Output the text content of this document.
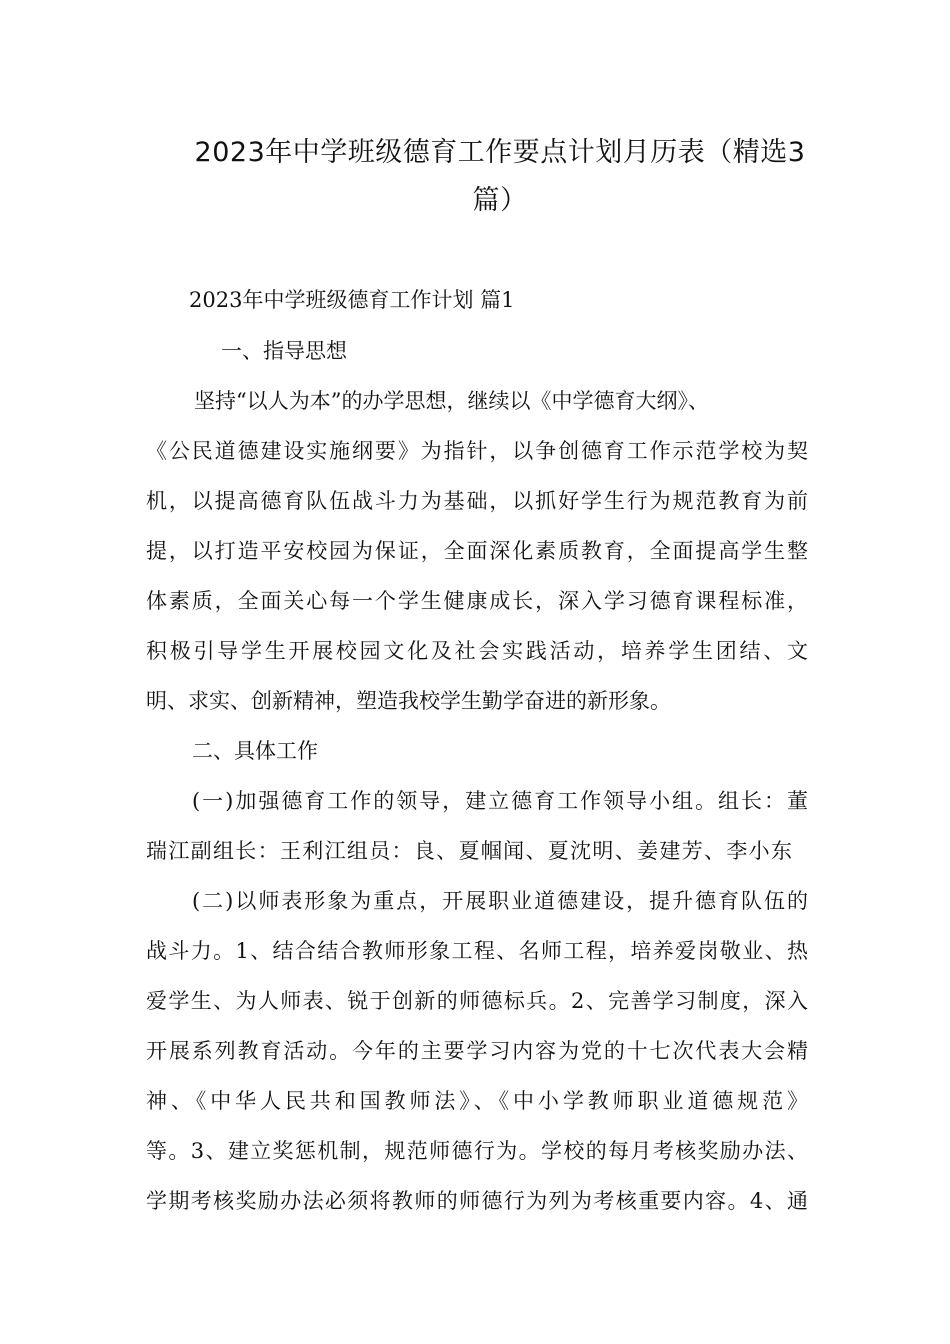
2023年中学班级德育工作要点计划月历表（精选3
篇）
2023年中学班级德育工作计划 篇1
一、指导思想
坚持“以人为本”的办学思想，继续以《中学德育大纲》、
《公民道德建设实施纲要》为指针，以争创德育工作示范学校为契
机，以提高德育队伍战斗力为基础，以抓好学生行为规范教育为前
提，以打造平安校园为保证，全面深化素质教育，全面提高学生整
体素质，全面关心每一个学生健康成长，深入学习德育课程标准，
积极引导学生开展校园文化及社会实践活动，培养学生团结、文
明、求实、创新精神，塑造我校学生勤学奋进的新形象。
二、具体工作
(一)加强德育工作的领导，建立德育工作领导小组。组长：董
瑞江副组长：王利江组员：良、夏帼闻、夏沈明、姜建芳、李小东
(二)以师表形象为重点，开展职业道德建设，提升德育队伍的
战斗力。1、结合结合教师形象工程、名师工程，培养爱岗敬业、热
爱学生、为人师表、锐于创新的师德标兵。2、完善学习制度，深入
开展系列教育活动。今年的主要学习内容为党的十七次代表大会精
神、《中华人民共和国教师法》、《中小学教师职业道德规范》
等。3、建立奖惩机制，规范师德行为。学校的每月考核奖励办法、
学期考核奖励办法必须将教师的师德行为列为考核重要内容。4、通
